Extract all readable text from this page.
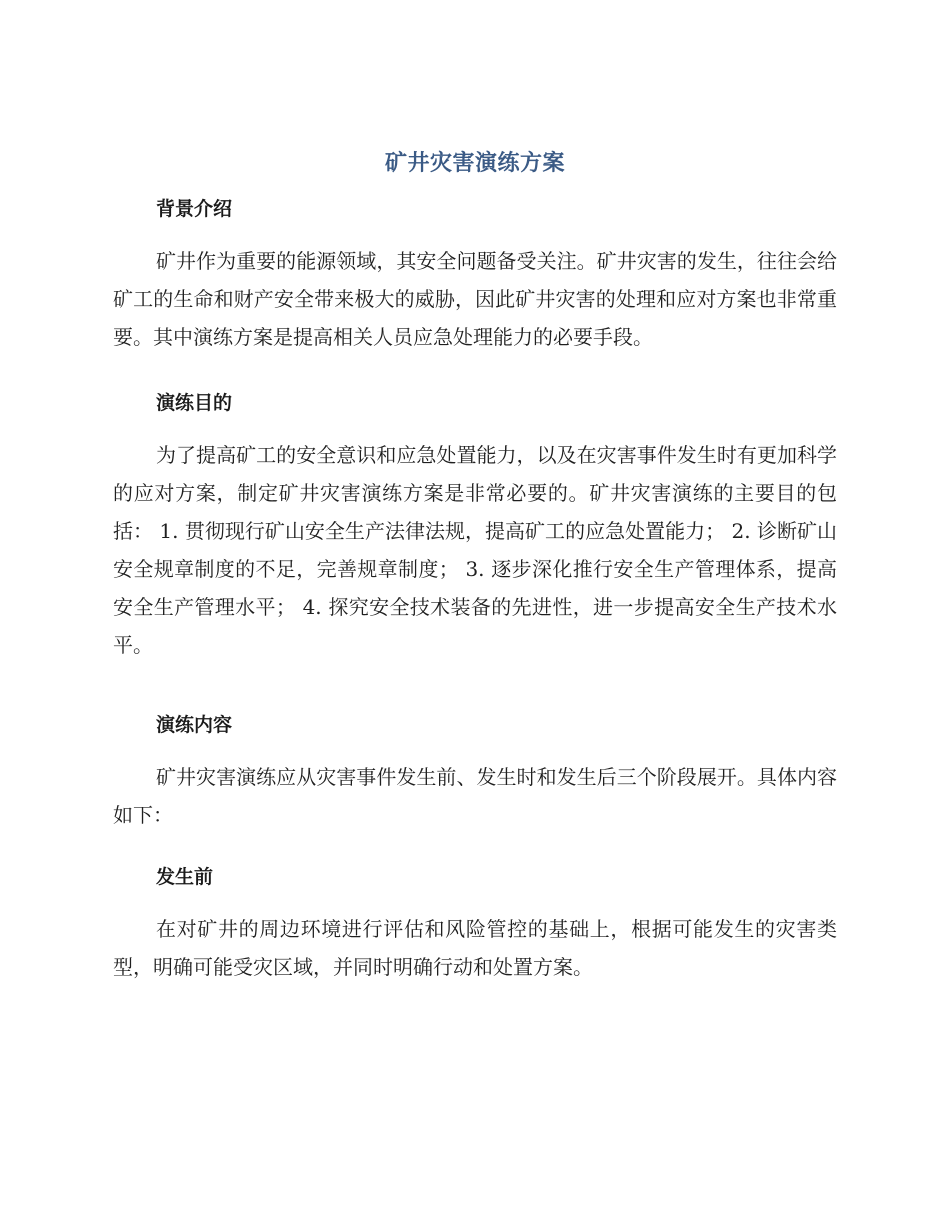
矿井灾害演练方案
背景介绍
矿井作为重要的能源领域，其安全问题备受关注。矿井灾害的发生，往往会给矿工的生命和财产安全带来极大的威胁，因此矿井灾害的处理和应对方案也非常重要。其中演练方案是提高相关人员应急处理能力的必要手段。
演练目的
为了提高矿工的安全意识和应急处置能力，以及在灾害事件发生时有更加科学的应对方案，制定矿井灾害演练方案是非常必要的。矿井灾害演练的主要目的包括： 1. 贯彻现行矿山安全生产法律法规，提高矿工的应急处置能力； 2. 诊断矿山安全规章制度的不足，完善规章制度； 3. 逐步深化推行安全生产管理体系，提高安全生产管理水平； 4. 探究安全技术装备的先进性，进一步提高安全生产技术水平。
演练内容
矿井灾害演练应从灾害事件发生前、发生时和发生后三个阶段展开。具体内容如下：
发生前
在对矿井的周边环境进行评估和风险管控的基础上，根据可能发生的灾害类型，明确可能受灾区域，并同时明确行动和处置方案。
